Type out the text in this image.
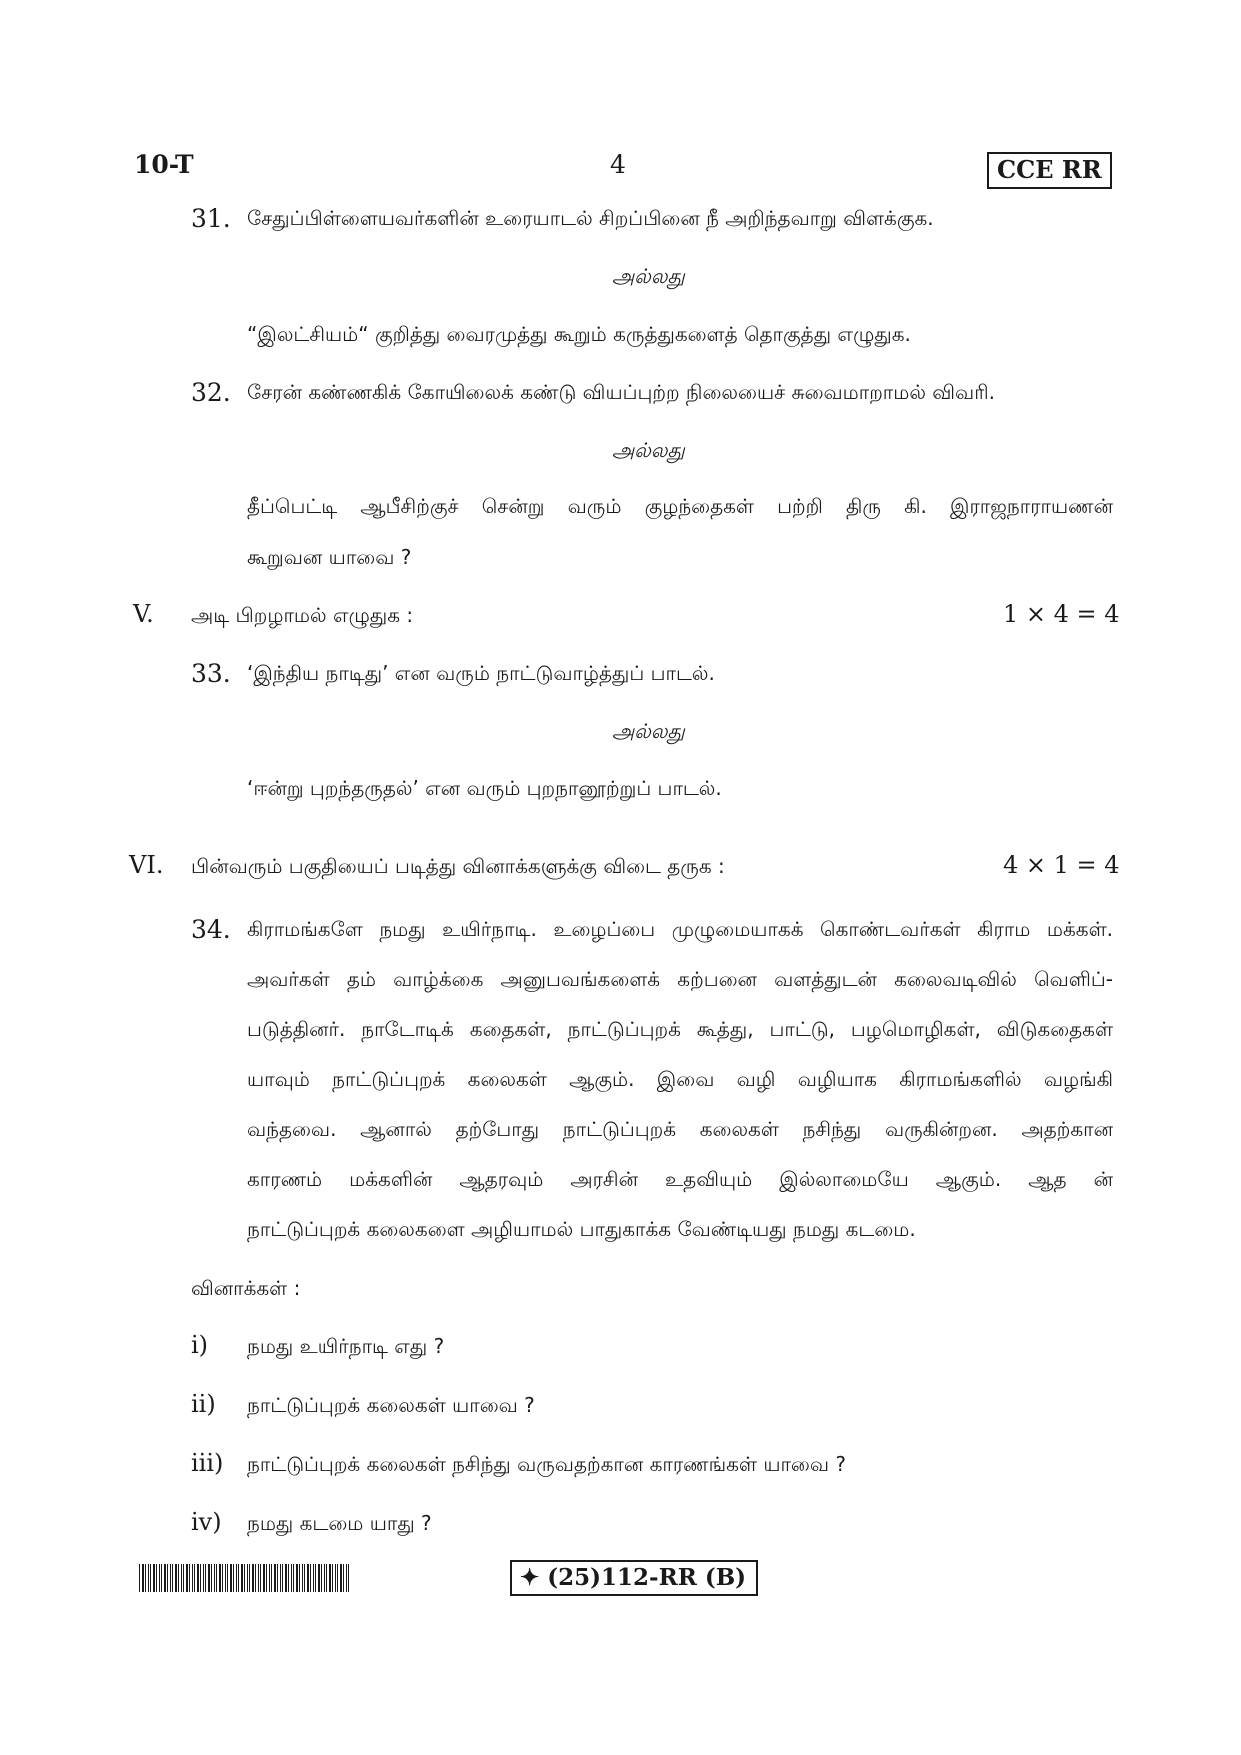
10-T	4	CCE RR
31. சேதுப்பிள்ளையவர்களின் உரையாடல் சிறப்பினை நீ அறிந்தவாறு விளக்குக.
அல்லது
“இலட்சியம்“ குறித்து வைரமுத்து கூறும் கருத்துகளைத் தொகுத்து எழுதுக.
32. சேரன் கண்ணகிக் கோயிலைக் கண்டு வியப்புற்ற நிலையைச் சுவைமாறாமல் விவரி.
அல்லது
தீப்பெட்டி ஆபீசிற்குச் சென்று வரும் குழந்தைகள் பற்றி திரு கி. இராஜநாராயணன்
கூறுவன யாவை ?
V. அடி பிறழாமல் எழுதுக :	1 × 4 = 4
33. ‘இந்திய நாடிது’ என வரும் நாட்டுவாழ்த்துப் பாடல்.
அல்லது
‘ஈன்று புறந்தருதல்’ என வரும் புறநானூற்றுப் பாடல்.
VI. பின்வரும் பகுதியைப் படித்து வினாக்களுக்கு விடை தருக :	4 × 1 = 4
34. கிராமங்களே நமது உயிர்நாடி. உழைப்பை முழுமையாகக் கொண்டவர்கள் கிராம மக்கள்.
அவர்கள் தம் வாழ்க்கை அனுபவங்களைக் கற்பனை வளத்துடன் கலைவடிவில் வெளிப்-
படுத்தினர். நாடோடிக் கதைகள், நாட்டுப்புறக் கூத்து, பாட்டு, பழமொழிகள், விடுகதைகள்
யாவும் நாட்டுப்புறக் கலைகள் ஆகும். இவை வழி வழியாக கிராமங்களில் வழங்கி
வந்தவை. ஆனால் தற்போது நாட்டுப்புறக் கலைகள் நசிந்து வருகின்றன. அதற்கான
காரணம் மக்களின் ஆதரவும் அரசின் உதவியும் இல்லாமையே ஆகும். ஆத ன்
நாட்டுப்புறக் கலைகளை அழியாமல் பாதுகாக்க வேண்டியது நமது கடமை.
வினாக்கள் :
i) நமது உயிர்நாடி எது ?
ii) நாட்டுப்புறக் கலைகள் யாவை ?
iii) நாட்டுப்புறக் கலைகள் நசிந்து வருவதற்கான காரணங்கள் யாவை ?
iv) நமது கடமை யாது ?
✦ (25)112-RR (B)
